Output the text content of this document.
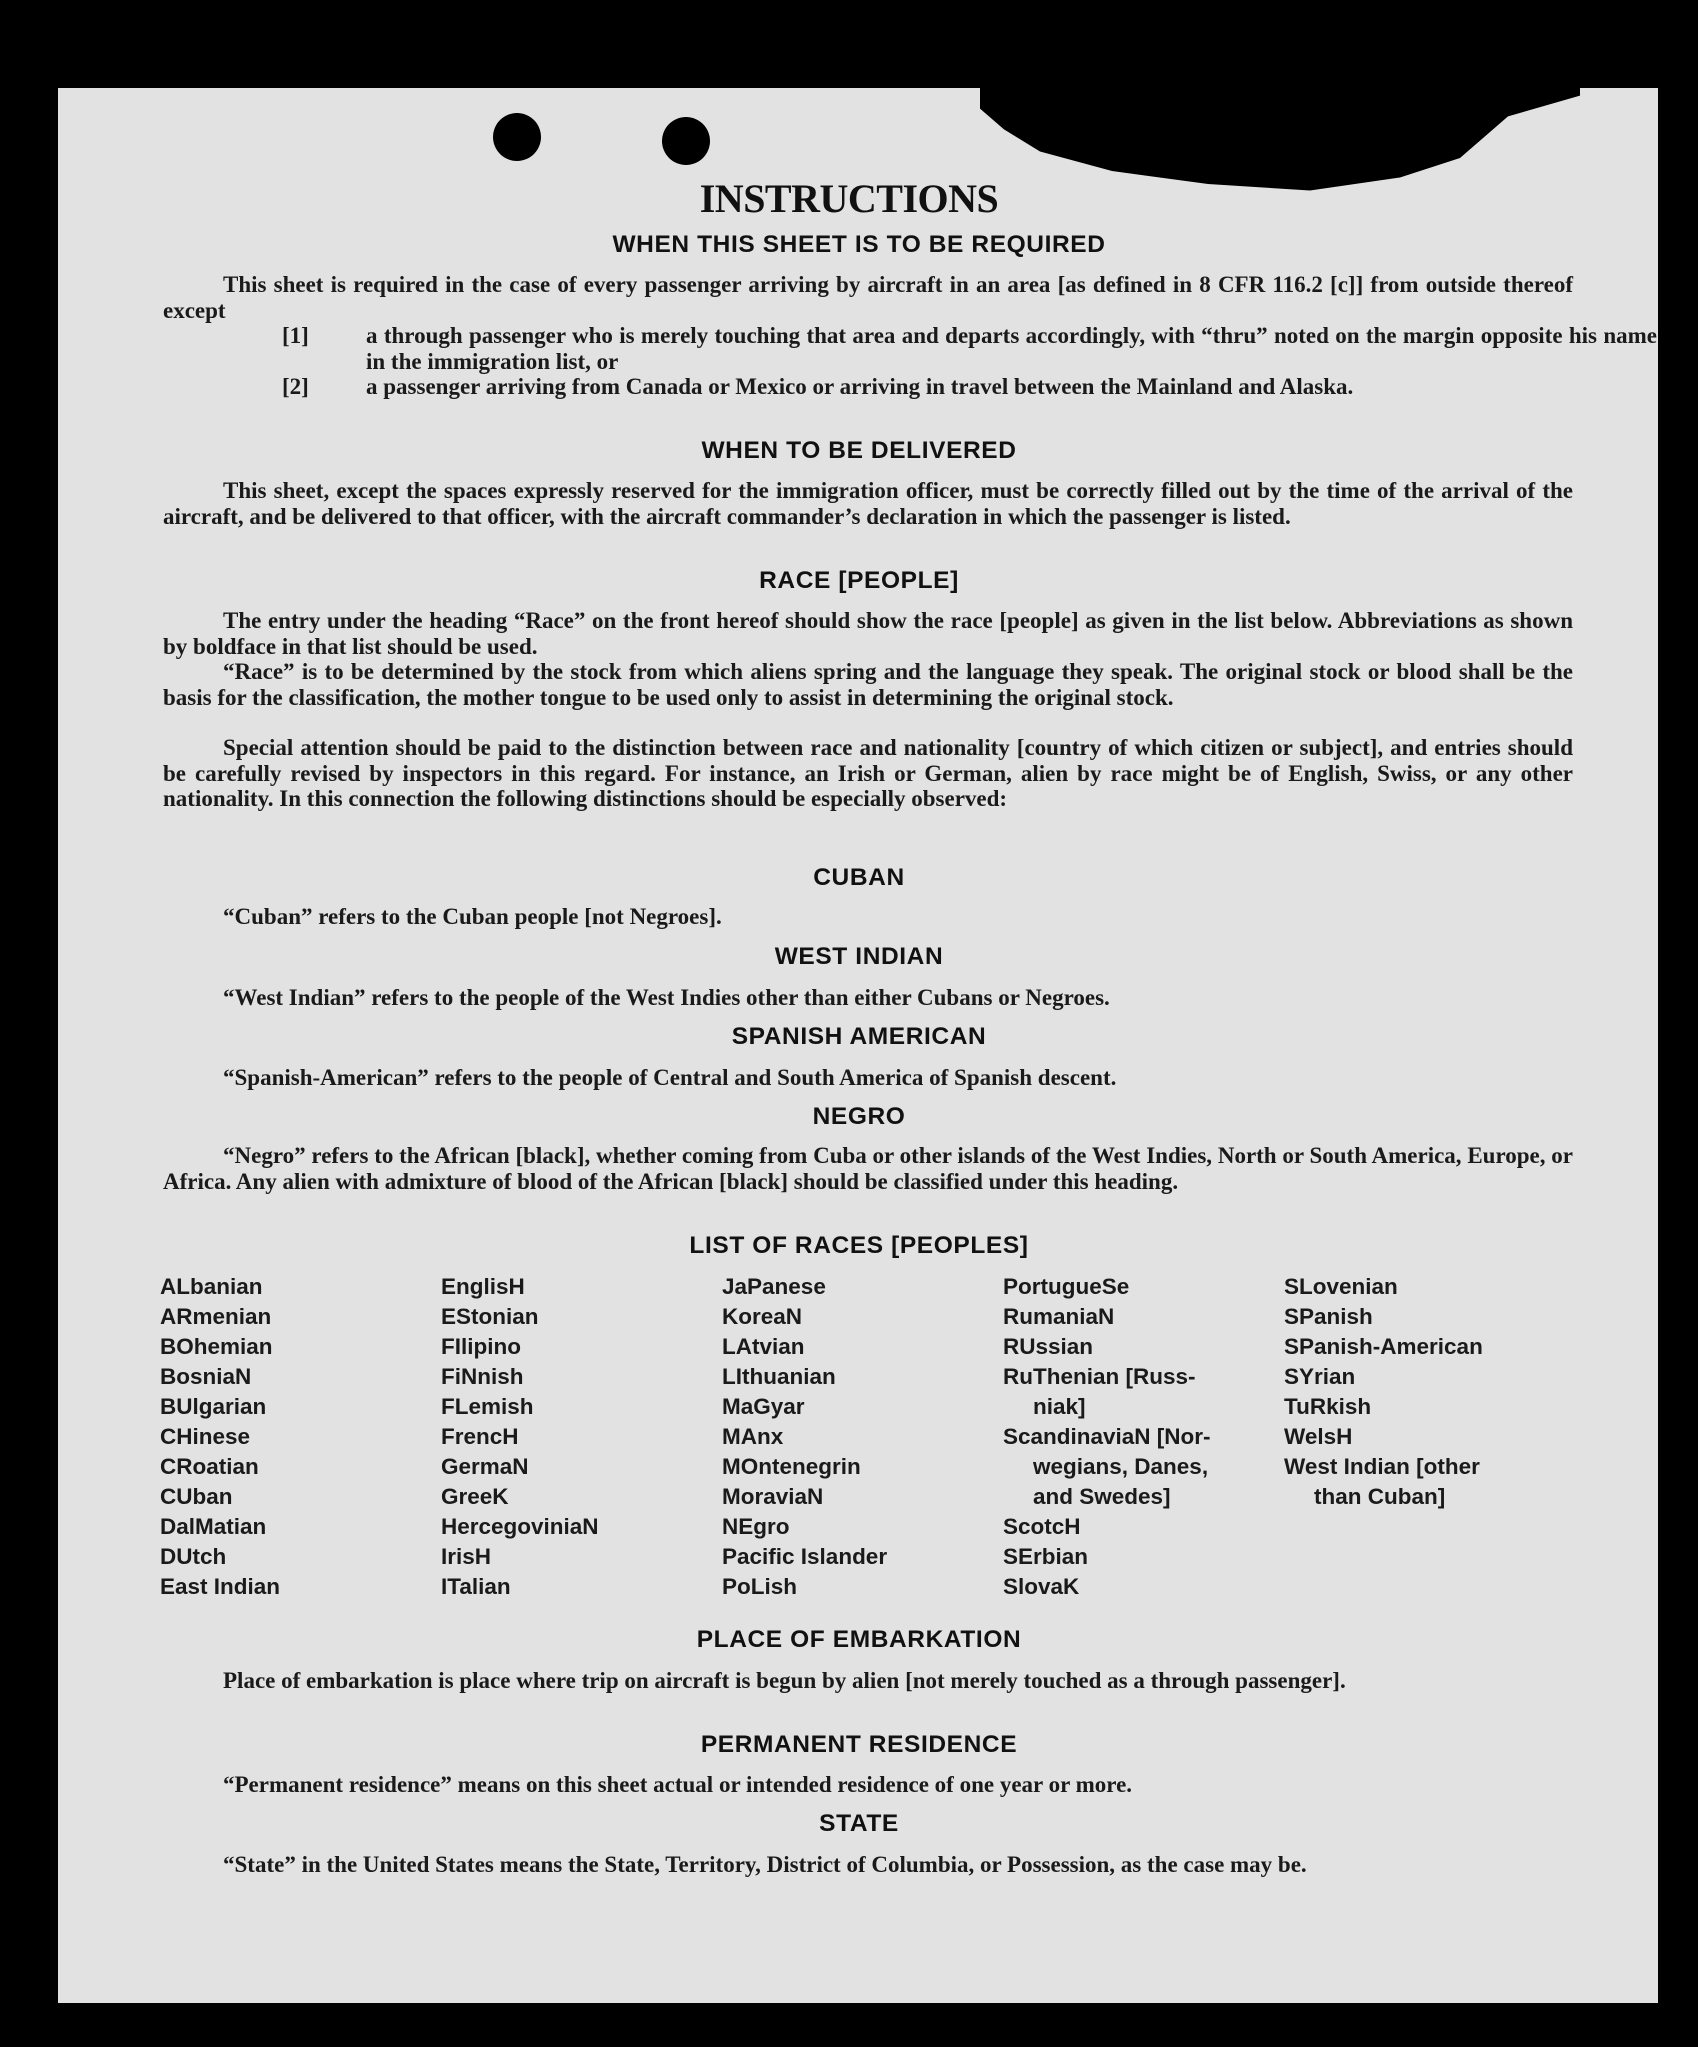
INSTRUCTIONS
WHEN THIS SHEET IS TO BE REQUIRED
This sheet is required in the case of every passenger arriving by aircraft in an area [as defined in 8 CFR 116.2 [c]] from outside thereof except
[1] a through passenger who is merely touching that area and departs accordingly, with “thru” noted on the margin opposite his name in the immigration list, or
[2] a passenger arriving from Canada or Mexico or arriving in travel between the Mainland and Alaska.
WHEN TO BE DELIVERED
This sheet, except the spaces expressly reserved for the immigration officer, must be correctly filled out by the time of the arrival of the aircraft, and be delivered to that officer, with the aircraft commander’s declaration in which the passenger is listed.
RACE [PEOPLE]
The entry under the heading “Race” on the front hereof should show the race [people] as given in the list below. Abbreviations as shown by boldface in that list should be used.
“Race” is to be determined by the stock from which aliens spring and the language they speak. The original stock or blood shall be the basis for the classification, the mother tongue to be used only to assist in determining the original stock.
Special attention should be paid to the distinction between race and nationality [country of which citizen or subject], and entries should be carefully revised by inspectors in this regard. For instance, an Irish or German, alien by race might be of English, Swiss, or any other nationality. In this connection the following distinctions should be especially observed:
CUBAN
“Cuban” refers to the Cuban people [not Negroes].
WEST INDIAN
“West Indian” refers to the people of the West Indies other than either Cubans or Negroes.
SPANISH AMERICAN
“Spanish-American” refers to the people of Central and South America of Spanish descent.
NEGRO
“Negro” refers to the African [black], whether coming from Cuba or other islands of the West Indies, North or South America, Europe, or Africa. Any alien with admixture of blood of the African [black] should be classified under this heading.
LIST OF RACES [PEOPLES]
ALbanian
ARmenian
BOhemian
BosniaN
BUlgarian
CHinese
CRoatian
CUban
DalMatian
DUtch
East Indian
EnglisH
EStonian
FIlipino
FiNnish
FLemish
FrencH
GermaN
GreeK
HercegoviniaN
IrisH
ITalian
JaPanese
KoreaN
LAtvian
LIthuanian
MaGyar
MAnx
MOntenegrin
MoraviaN
NEgro
Pacific Islander
PoLish
PortugueSe
RumaniaN
RUssian
RuThenian [Russ-
niak]
ScandinaviaN [Nor-
wegians, Danes,
and Swedes]
ScotcH
SErbian
SlovaK
SLovenian
SPanish
SPanish-American
SYrian
TuRkish
WelsH
West Indian [other
than Cuban]
PLACE OF EMBARKATION
Place of embarkation is place where trip on aircraft is begun by alien [not merely touched as a through passenger].
PERMANENT RESIDENCE
“Permanent residence” means on this sheet actual or intended residence of one year or more.
STATE
“State” in the United States means the State, Territory, District of Columbia, or Possession, as the case may be.
